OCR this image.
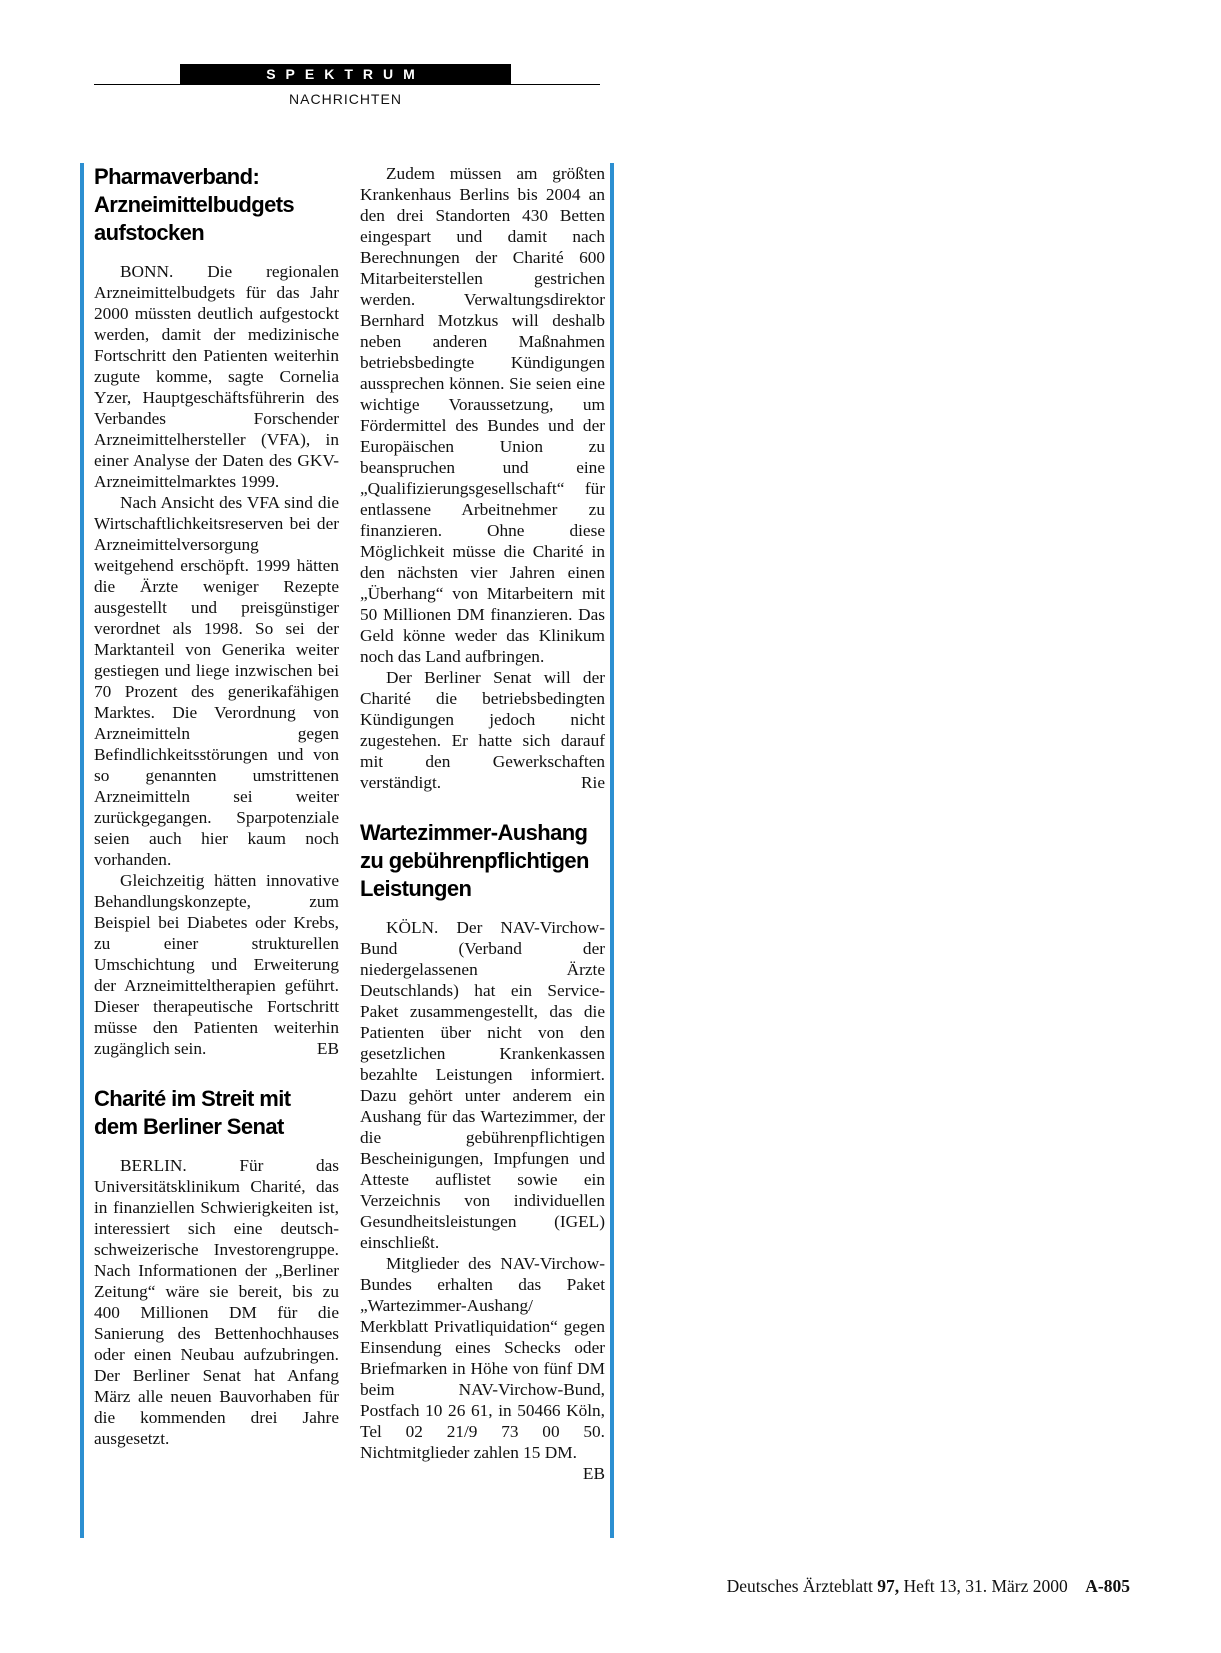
SPEKTRUM
NACHRICHTEN
Pharmaverband: Arzneimittelbudgets aufstocken

BONN. Die regionalen Arzneimittelbudgets für das Jahr 2000 müssten deutlich aufgestockt werden, damit der medizinische Fortschritt den Patienten weiterhin zugute komme, sagte Cornelia Yzer, Hauptgeschäftsführerin des Verbandes Forschender Arzneimittelhersteller (VFA), in einer Analyse der Daten des GKV-Arzneimittelmarktes 1999.

Nach Ansicht des VFA sind die Wirtschaftlichkeitsreserven bei der Arzneimittelversorgung weitgehend erschöpft. 1999 hätten die Ärzte weniger Rezepte ausgestellt und preisgünstiger verordnet als 1998. So sei der Marktanteil von Generika weiter gestiegen und liege inzwischen bei 70 Prozent des generikafähigen Marktes. Die Verordnung von Arzneimitteln gegen Befindlichkeitsstörungen und von so genannten umstrittenen Arzneimitteln sei weiter zurückgegangen. Sparpotenziale seien auch hier kaum noch vorhanden.

Gleichzeitig hätten innovative Behandlungskonzepte, zum Beispiel bei Diabetes oder Krebs, zu einer strukturellen Umschichtung und Erweiterung der Arzneimitteltherapien geführt. Dieser therapeutische Fortschritt müsse den Patienten weiterhin zugänglich sein.	EB

Charité im Streit mit dem Berliner Senat

BERLIN. Für das Universitätsklinikum Charité, das in finanziellen Schwierigkeiten ist, interessiert sich eine deutsch-schweizerische Investorengruppe. Nach Informationen der „Berliner Zeitung“ wäre sie bereit, bis zu 400 Millionen DM für die Sanierung des Bettenhochhauses oder einen Neubau aufzubringen. Der Berliner Senat hat Anfang März alle neuen Bauvorhaben für die kommenden drei Jahre ausgesetzt.

Zudem müssen am größten Krankenhaus Berlins bis 2004 an den drei Standorten 430 Betten eingespart und damit nach Berechnungen der Charité 600 Mitarbeiterstellen gestrichen werden. Verwaltungsdirektor Bernhard Motzkus will deshalb neben anderen Maßnahmen betriebsbedingte Kündigungen aussprechen können. Sie seien eine wichtige Voraussetzung, um Fördermittel des Bundes und der Europäischen Union zu beanspruchen und eine „Qualifizierungsgesellschaft“ für entlassene Arbeitnehmer zu finanzieren. Ohne diese Möglichkeit müsse die Charité in den nächsten vier Jahren einen „Überhang“ von Mitarbeitern mit 50 Millionen DM finanzieren. Das Geld könne weder das Klinikum noch das Land aufbringen.

Der Berliner Senat will der Charité die betriebsbedingten Kündigungen jedoch nicht zugestehen. Er hatte sich darauf mit den Gewerkschaften verständigt.	Rie

Wartezimmer-Aushang zu gebührenpflichtigen Leistungen

KÖLN. Der NAV-Virchow-Bund (Verband der niedergelassenen Ärzte Deutschlands) hat ein Service-Paket zusammengestellt, das die Patienten über nicht von den gesetzlichen Krankenkassen bezahlte Leistungen informiert. Dazu gehört unter anderem ein Aushang für das Wartezimmer, der die gebührenpflichtigen Bescheinigungen, Impfungen und Atteste auflistet sowie ein Verzeichnis von individuellen Gesundheitsleistungen (IGEL) einschließt.

Mitglieder des NAV-Virchow-Bundes erhalten das Paket „Wartezimmer-Aushang/ Merkblatt Privatliquidation“ gegen Einsendung eines Schecks oder Briefmarken in Höhe von fünf DM beim NAV-Virchow-Bund, Postfach 10 26 61, in 50466 Köln, Tel 02 21/9 73 00 50. Nichtmitglieder zahlen 15 DM.
EB

Deutsches Ärzteblatt 97, Heft 13, 31. März 2000 A-805
